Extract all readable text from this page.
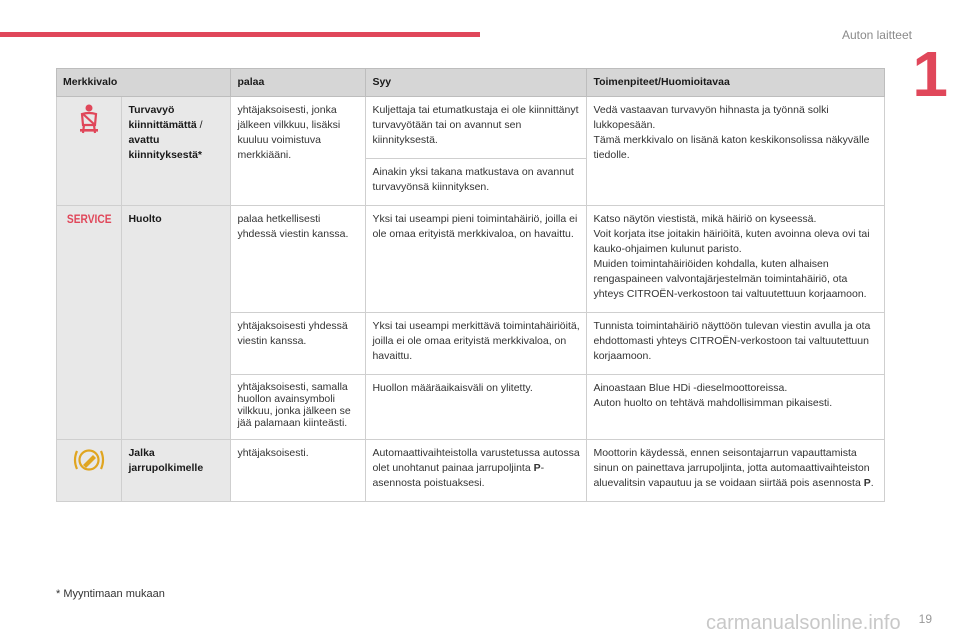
Auton laitteet
1
Merkkivalo		palaa	Syy	Toimenpiteet/Huomioitavaa
	Turvavyö kiinnittämättä / avattu kiinnityksestä*	yhtäjaksoisesti, jonka jälkeen vilkkuu, lisäksi kuuluu voimistuva merkkiääni.	Kuljettaja tai etumatkustaja ei ole kiinnittänyt turvavyötään tai on avannut sen kiinnityksestä.	Vedä vastaavan turvavyön hihnasta ja työnnä solki lukkopesään.
Tämä merkkivalo on lisänä katon keskikonsolissa näkyvälle tiedolle.

			Ainakin yksi takana matkustava on avannut turvavyönsä kiinnityksen.	
SERVICE	Huolto	palaa hetkellisesti yhdessä viestin kanssa.	Yksi tai useampi pieni toimintahäiriö, joilla ei ole omaa erityistä merkkivaloa, on havaittu.	Katso näytön viestistä, mikä häiriö on kyseessä.
Voit korjata itse joitakin häiriöitä, kuten avoinna oleva ovi tai kauko-ohjaimen kulunut paristo.
Muiden toimintahäiriöiden kohdalla, kuten alhaisen rengaspaineen valvontajärjestelmän toimintahäiriö, ota yhteys CITROËN-verkostoon tai valtuutettuun korjaamoon.

		yhtäjaksoisesti yhdessä viestin kanssa.	Yksi tai useampi merkittävä toimintahäiriöitä, joilla ei ole omaa erityistä merkkivaloa, on havaittu.	Tunnista toimintahäiriö näyttöön tulevan viestin avulla ja ota ehdottomasti yhteys CITROËN-verkostoon tai valtuutettuun korjaamoon.

		yhtäjaksoisesti, samalla huollon avainsymboli vilkkuu, jonka jälkeen se jää palamaan kiinteästi.	Huollon määräaikaisväli on ylitetty.	Ainoastaan Blue HDi -dieselmoottoreissa.
Auton huolto on tehtävä mahdollisimman pikaisesti.

	Jalka jarrupolkimelle	yhtäjaksoisesti.	Automaattivaihteistolla varustetussa autossa olet unohtanut painaa jarrupoljinta P-asennosta poistuaksesi.	Moottorin käydessä, ennen seisontajarrun vapauttamista sinun on painettava jarrupoljinta, jotta automaattivaihteiston aluevalitsin vapautuu ja se voidaan siirtää pois asennosta P.
* Myyntimaan mukaan
carmanualsonline.info 19
